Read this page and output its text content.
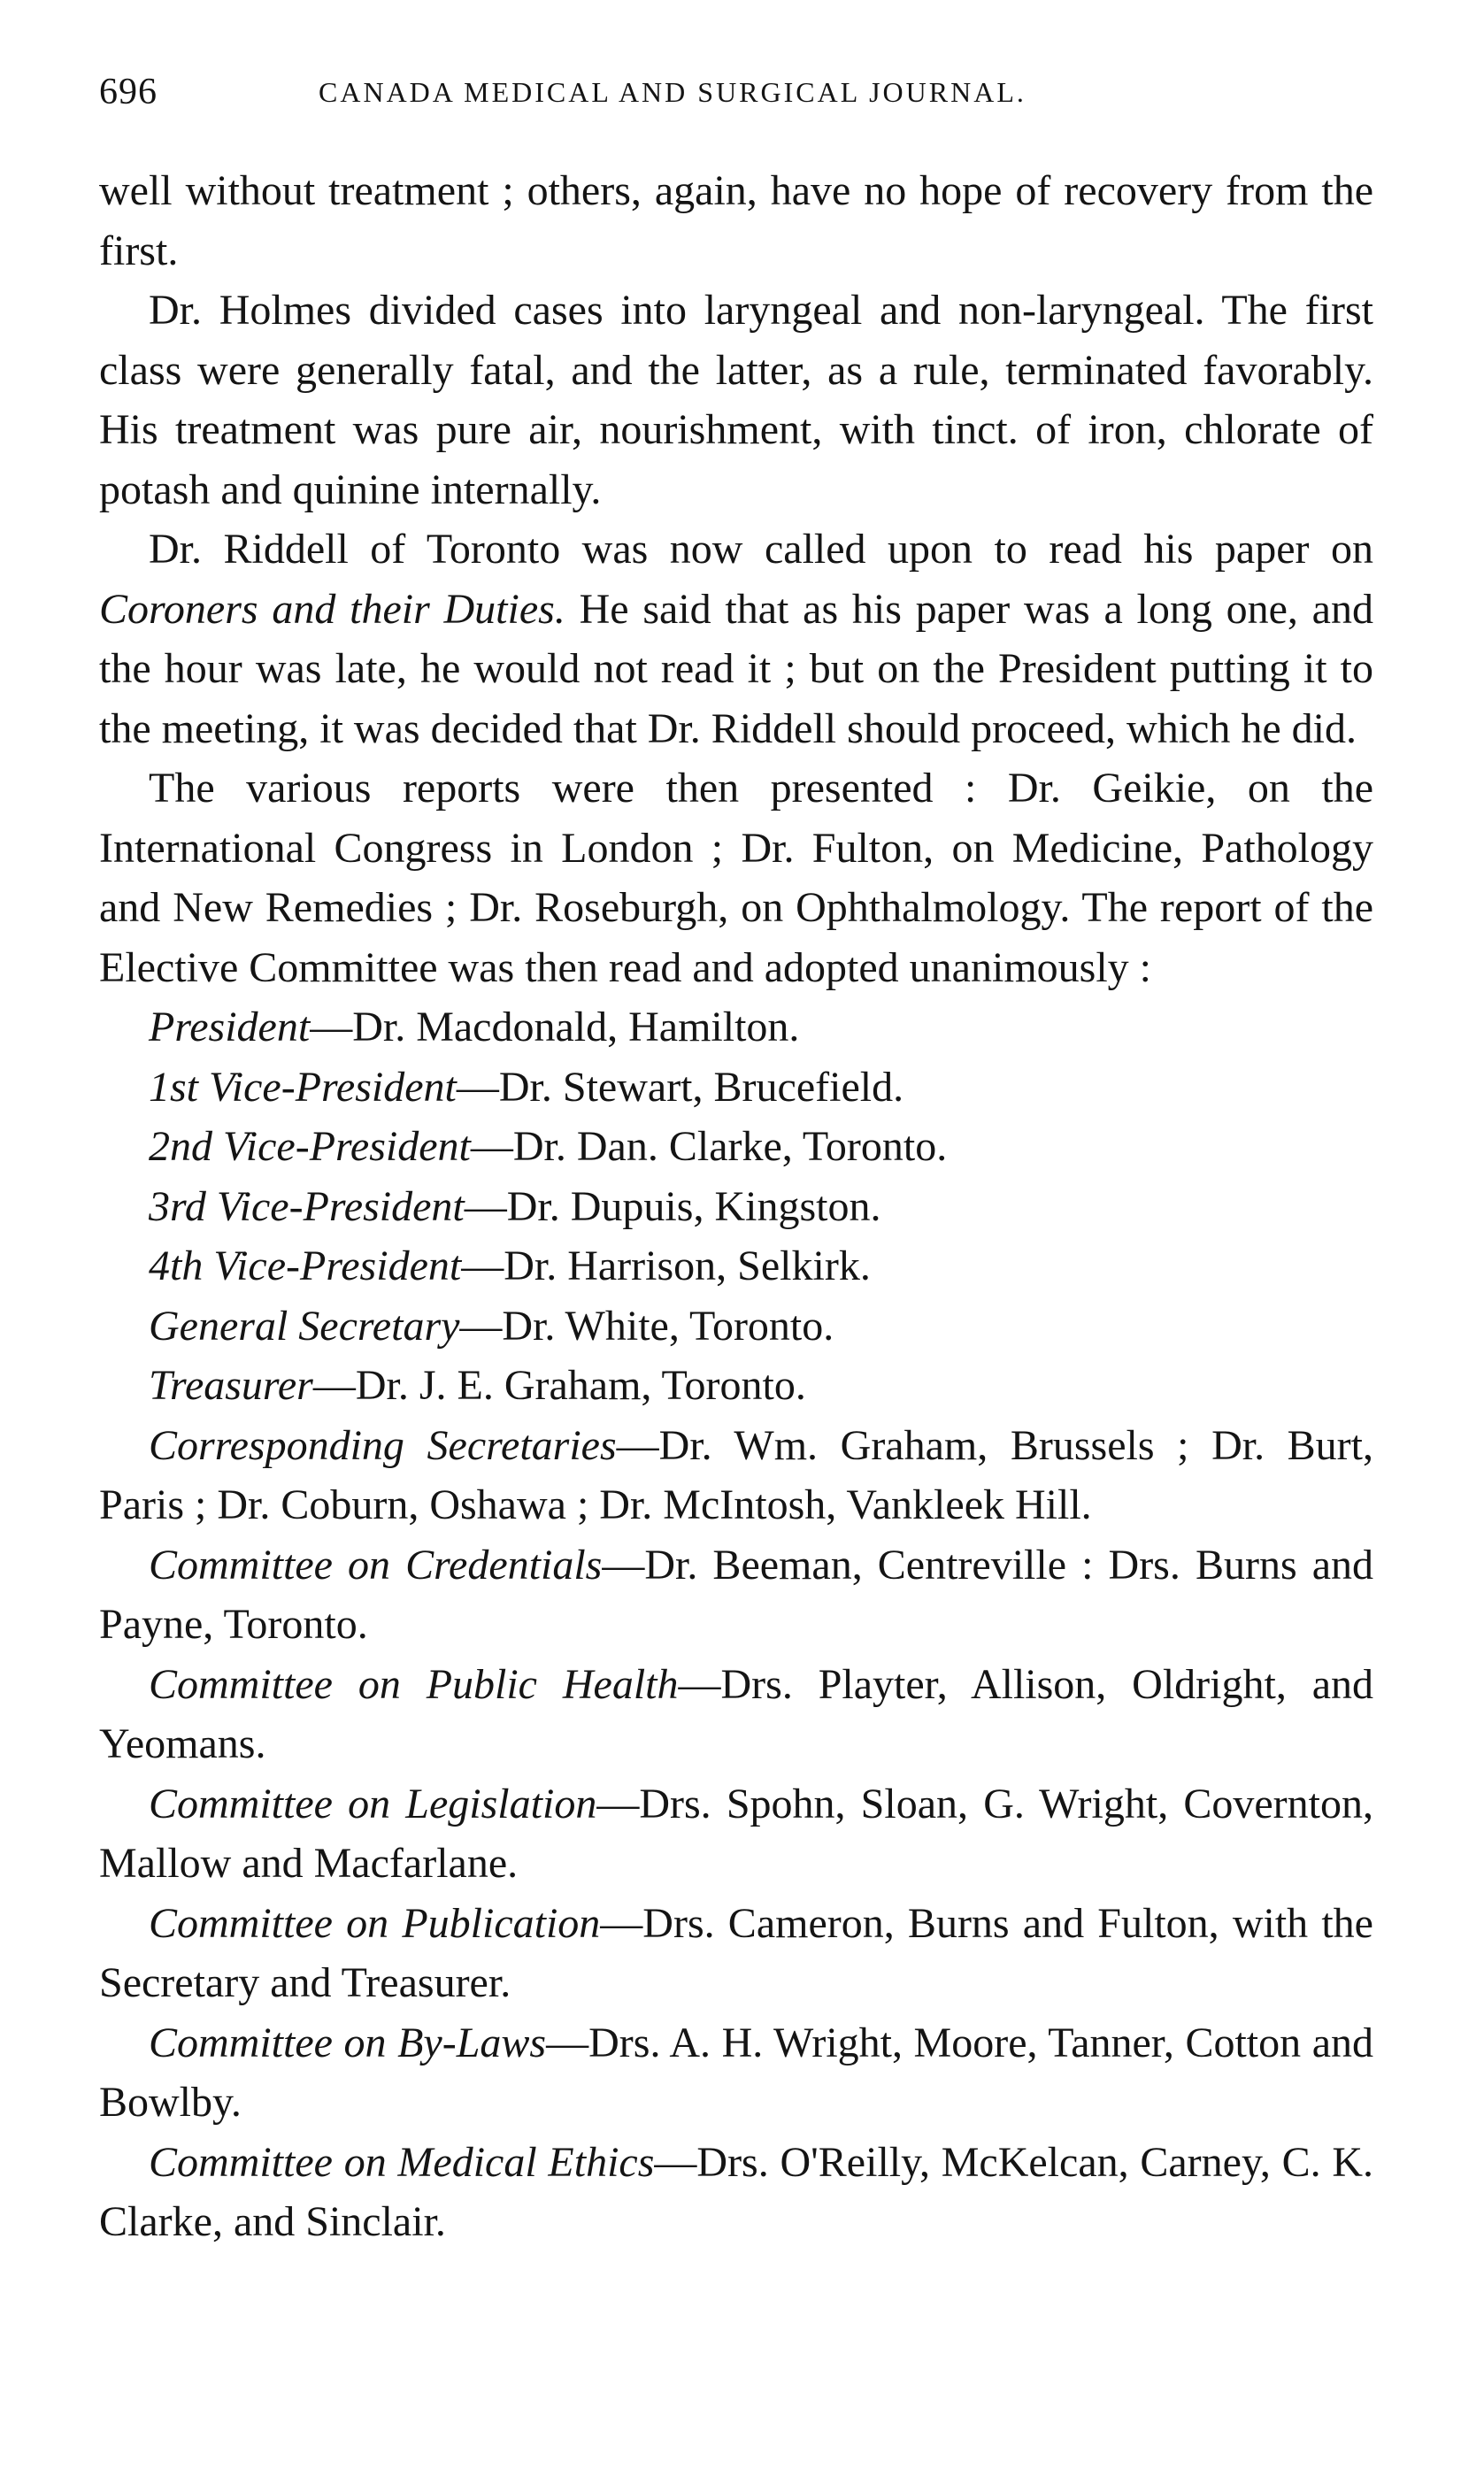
696	CANADA MEDICAL AND SURGICAL JOURNAL.

well without treatment ; others, again, have no hope of recovery from the first.

Dr. Holmes divided cases into laryngeal and non-laryngeal. The first class were generally fatal, and the latter, as a rule, terminated favorably. His treatment was pure air, nourishment, with tinct. of iron, chlorate of potash and quinine internally.

Dr. Riddell of Toronto was now called upon to read his paper on Coroners and their Duties. He said that as his paper was a long one, and the hour was late, he would not read it ; but on the President putting it to the meeting, it was decided that Dr. Riddell should proceed, which he did.

The various reports were then presented : Dr. Geikie, on the International Congress in London ; Dr. Fulton, on Medicine, Pathology and New Remedies ; Dr. Roseburgh, on Ophthalmology. The report of the Elective Committee was then read and adopted unanimously :

President—Dr. Macdonald, Hamilton.

1st Vice-President—Dr. Stewart, Brucefield.

2nd Vice-President—Dr. Dan. Clarke, Toronto.

3rd Vice-President—Dr. Dupuis, Kingston.

4th Vice-President—Dr. Harrison, Selkirk.

General Secretary—Dr. White, Toronto.

Treasurer—Dr. J. E. Graham, Toronto.

Corresponding Secretaries—Dr. Wm. Graham, Brussels ; Dr. Burt, Paris ; Dr. Coburn, Oshawa ; Dr. McIntosh, Vankleek Hill.

Committee on Credentials—Dr. Beeman, Centreville : Drs. Burns and Payne, Toronto.

Committee on Public Health—Drs. Playter, Allison, Oldright, and Yeomans.

Committee on Legislation—Drs. Spohn, Sloan, G. Wright, Covernton, Mallow and Macfarlane.

Committee on Publication—Drs. Cameron, Burns and Fulton, with the Secretary and Treasurer.

Committee on By-Laws—Drs. A. H. Wright, Moore, Tanner, Cotton and Bowlby.

Committee on Medical Ethics—Drs. O'Reilly, McKelcan, Carney, C. K. Clarke, and Sinclair.
